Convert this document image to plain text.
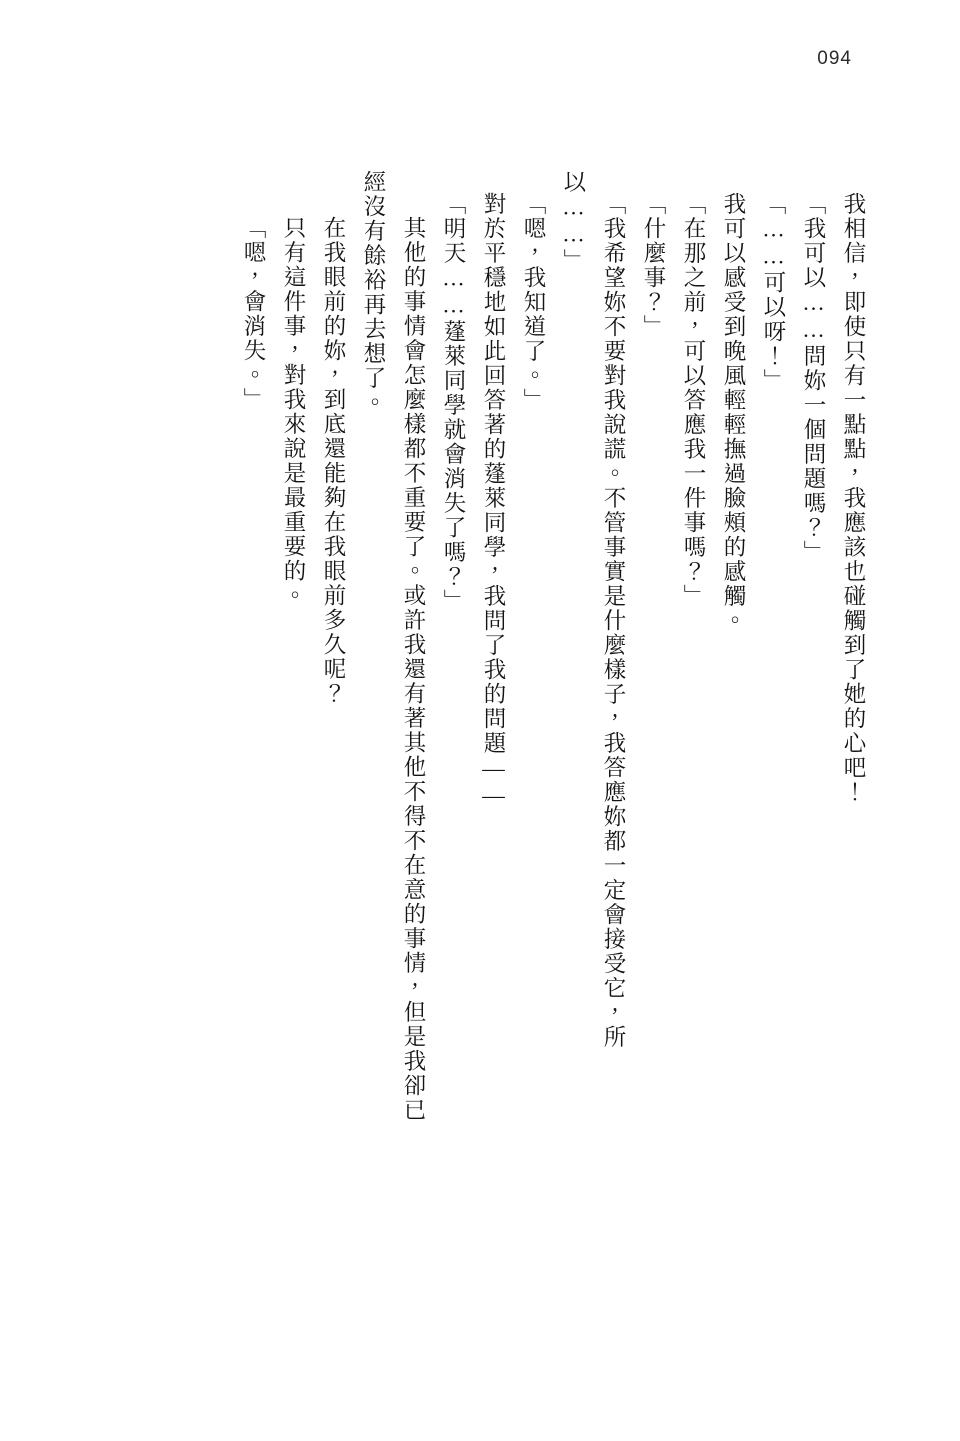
094
我相信，即使只有一點點，我應該也碰觸到了她的心吧！
「我可以……問妳一個問題嗎？」
「……可以呀！」
我可以感受到晚風輕輕撫過臉頰的感觸。
「在那之前，可以答應我一件事嗎？」
「什麼事？」
「我希望妳不要對我說謊。不管事實是什麼樣子，我答應妳都一定會接受它，所
以……」
「嗯，我知道了。」
對於平穩地如此回答著的蓬萊同學，我問了我的問題——
「明天……蓬萊同學就會消失了嗎？」
其他的事情會怎麼樣都不重要了。或許我還有著其他不得不在意的事情，但是我卻已
經沒有餘裕再去想了。
在我眼前的妳，到底還能夠在我眼前多久呢？
只有這件事，對我來說是最重要的。
「嗯，會消失。」
